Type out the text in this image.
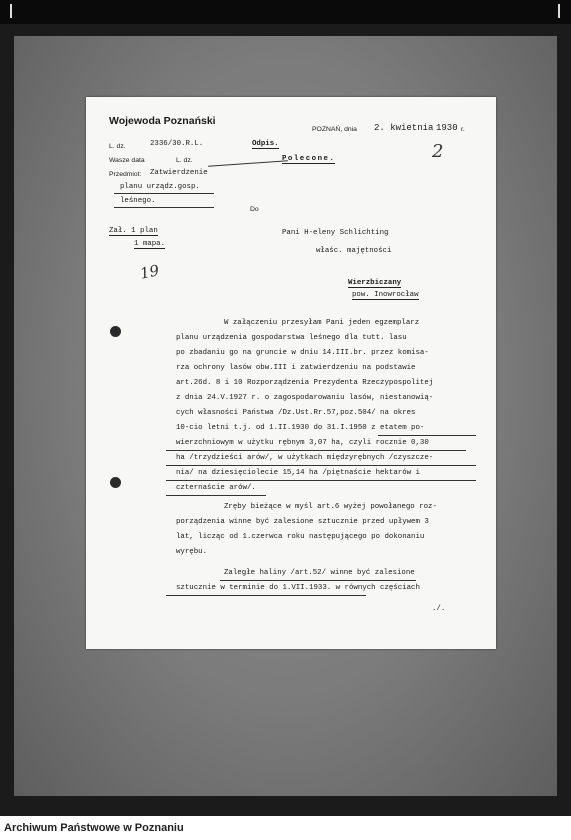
Wojewoda Poznański
POZNAŃ, dnia 2. kwietnia 1930 r.
2
L. dz.	2336/30.R.L.	Odpis.
Wasze data	L. dz.	Polecone.
Przedmiot: Zatwierdzenie
planu urządz.gosp.
leśnego.
Do
Zał. 1 plan
1 mapa.
19
Pani H-eleny Schlichting
właśc. majętności
Wierzbiczany
pow. Inowrocław
W załączeniu przesyłam Pani jeden egzemplarz
planu urządzenia gospodarstwa leśnego dla tutt. lasu
po zbadaniu go na gruncie w dniu 14.III.br. przez komisa-
rza ochrony lasów obw.III i zatwierdzeniu na podstawie
art.26d. 8 i 10 Rozporządzenia Prezydenta Rzeczypospolitej
z dnia 24.V.1927 r. o zagospodarowaniu lasów, niestanowią-
cych własności Państwa /Dz.Ust.Rr.57,poz.504/ na okres
10-cio letni t.j. od 1.II.1930 do 31.I.1950 z etatem po-
wierzchniowym w użytku rębnym 3,07 ha, czyli rocznie 0,30
ha /trzydzieści arów/, w użytkach międzyrębnych /czyszcze-
nia/ na dziesięciolecie 15,14 ha /piętnaście hektarów i
czternaście arów/.
Zręby bieżące w myśl art.6 wyżej powołanego roz-
porządzenia winne być zalesione sztucznie przed upływem 3
lat, licząc od 1.czerwca roku następującego po dokonaniu
wyrębu.
Zaległe haliny /art.52/ winne być zalesione
sztucznie w terminie do 1.VII.1933. w równych częściach
./.
Archiwum Państwowe w Poznaniu
